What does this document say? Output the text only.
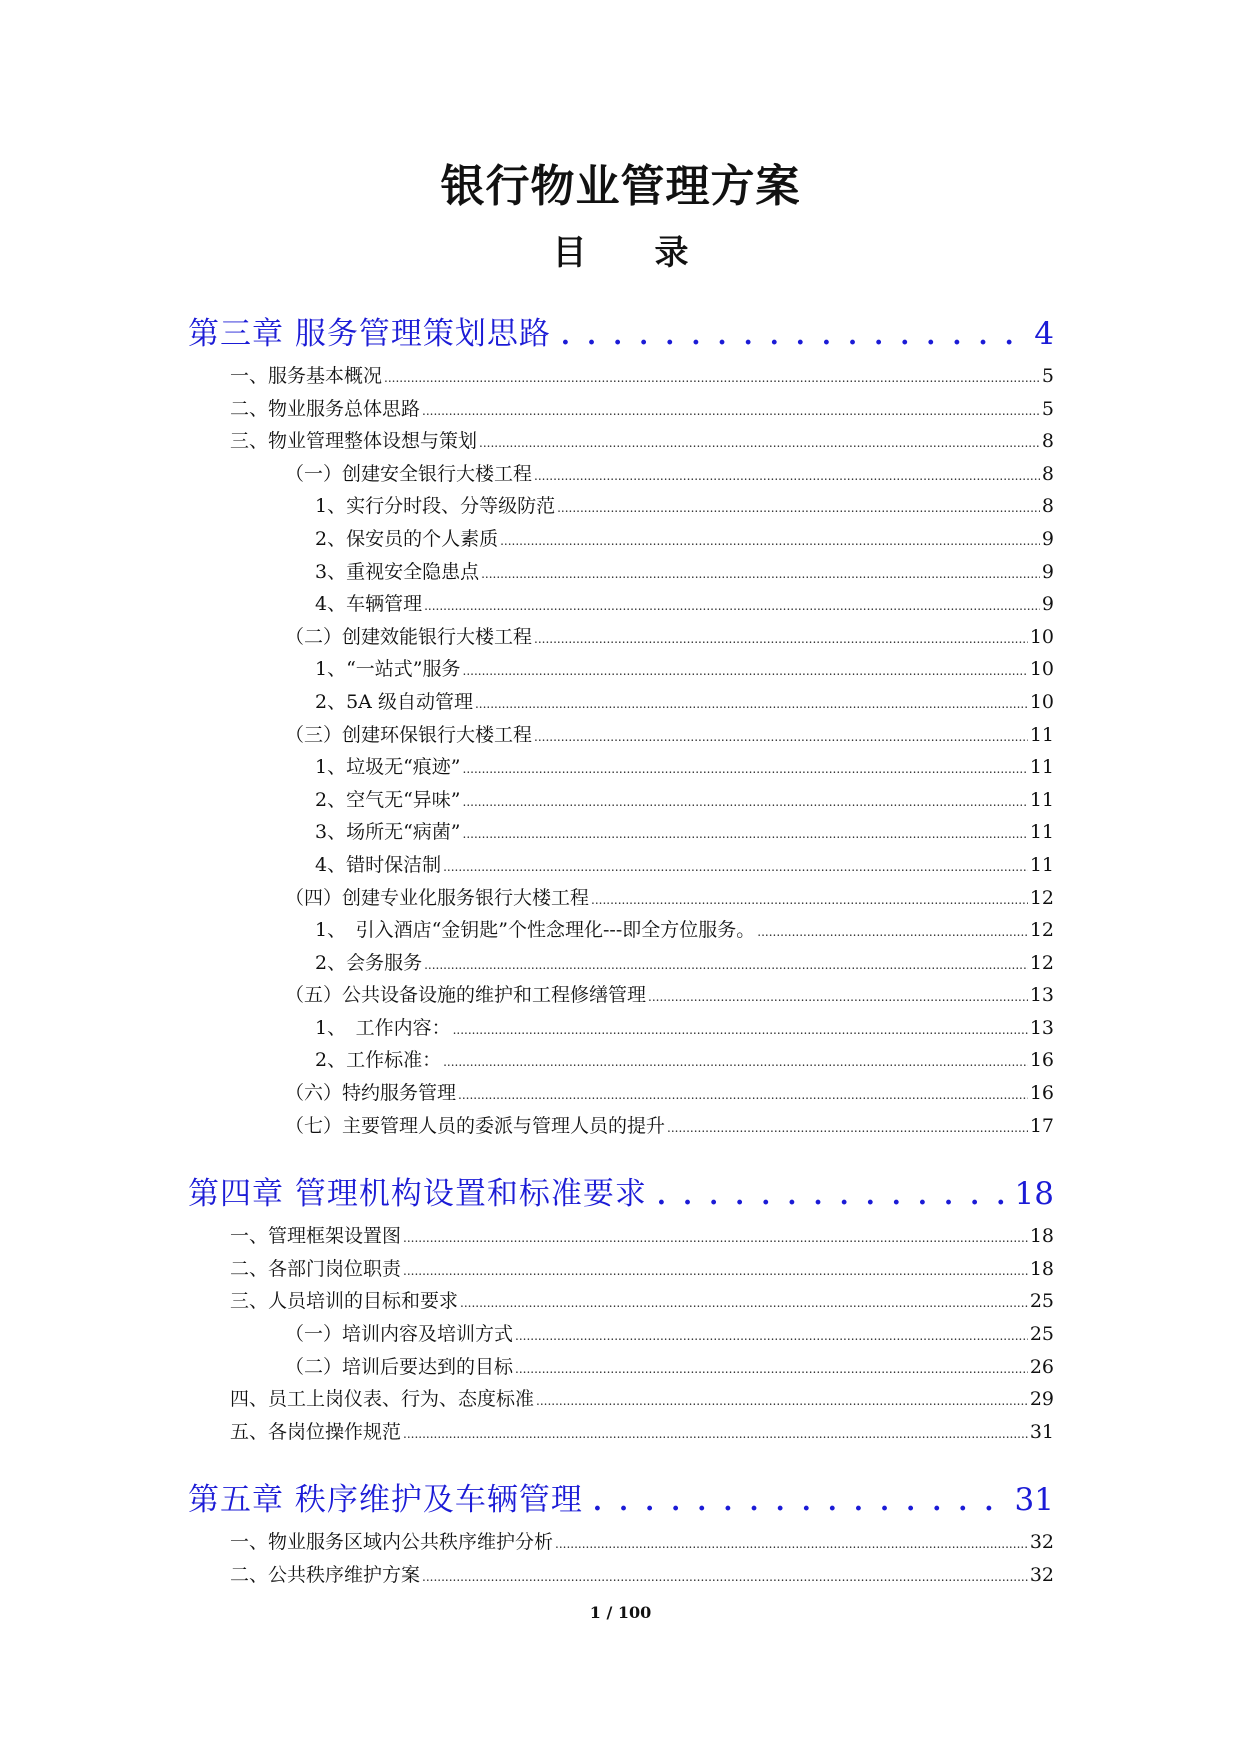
银行物业管理方案
目　　录
第三章 服务管理策划思路 . . .	4
一、服务基本概况 .....	5
二、物业服务总体思路 .....	5
三、物业管理整体设想与策划 .....	8
（一）创建安全银行大楼工程 .....	8
1、实行分时段、分等级防范 .....	8
2、保安员的个人素质 .....	9
3、重视安全隐患点 .....	9
4、车辆管理 .....	9
（二）创建效能银行大楼工程 .....	10
1、“一站式”服务 .....	10
2、5A 级自动管理 .....	10
（三）创建环保银行大楼工程 .....	11
1、垃圾无“痕迹” .....	11
2、空气无“异味” .....	11
3、场所无“病菌” .....	11
4、错时保洁制 .....	11
（四）创建专业化服务银行大楼工程 .....	12
1、　引入酒店“金钥匙”个性念理化---即全方位服务。 .....	12
2、会务服务 .....	12
（五）公共设备设施的维护和工程修缮管理 .....	13
1、　工作内容： .....	13
2、工作标准： .....	16
（六）特约服务管理 .....	16
（七）主要管理人员的委派与管理人员的提升 .....	17
第四章 管理机构设置和标准要求 . . .	18
一、管理框架设置图 .....	18
二、各部门岗位职责 .....	18
三、人员培训的目标和要求 .....	25
（一）培训内容及培训方式 .....	25
（二）培训后要达到的目标 .....	26
四、员工上岗仪表、行为、态度标准 .....	29
五、各岗位操作规范 .....	31
第五章 秩序维护及车辆管理 . . .	31
一、物业服务区域内公共秩序维护分析 .....	32
二、公共秩序维护方案 .....	32
1 / 100
